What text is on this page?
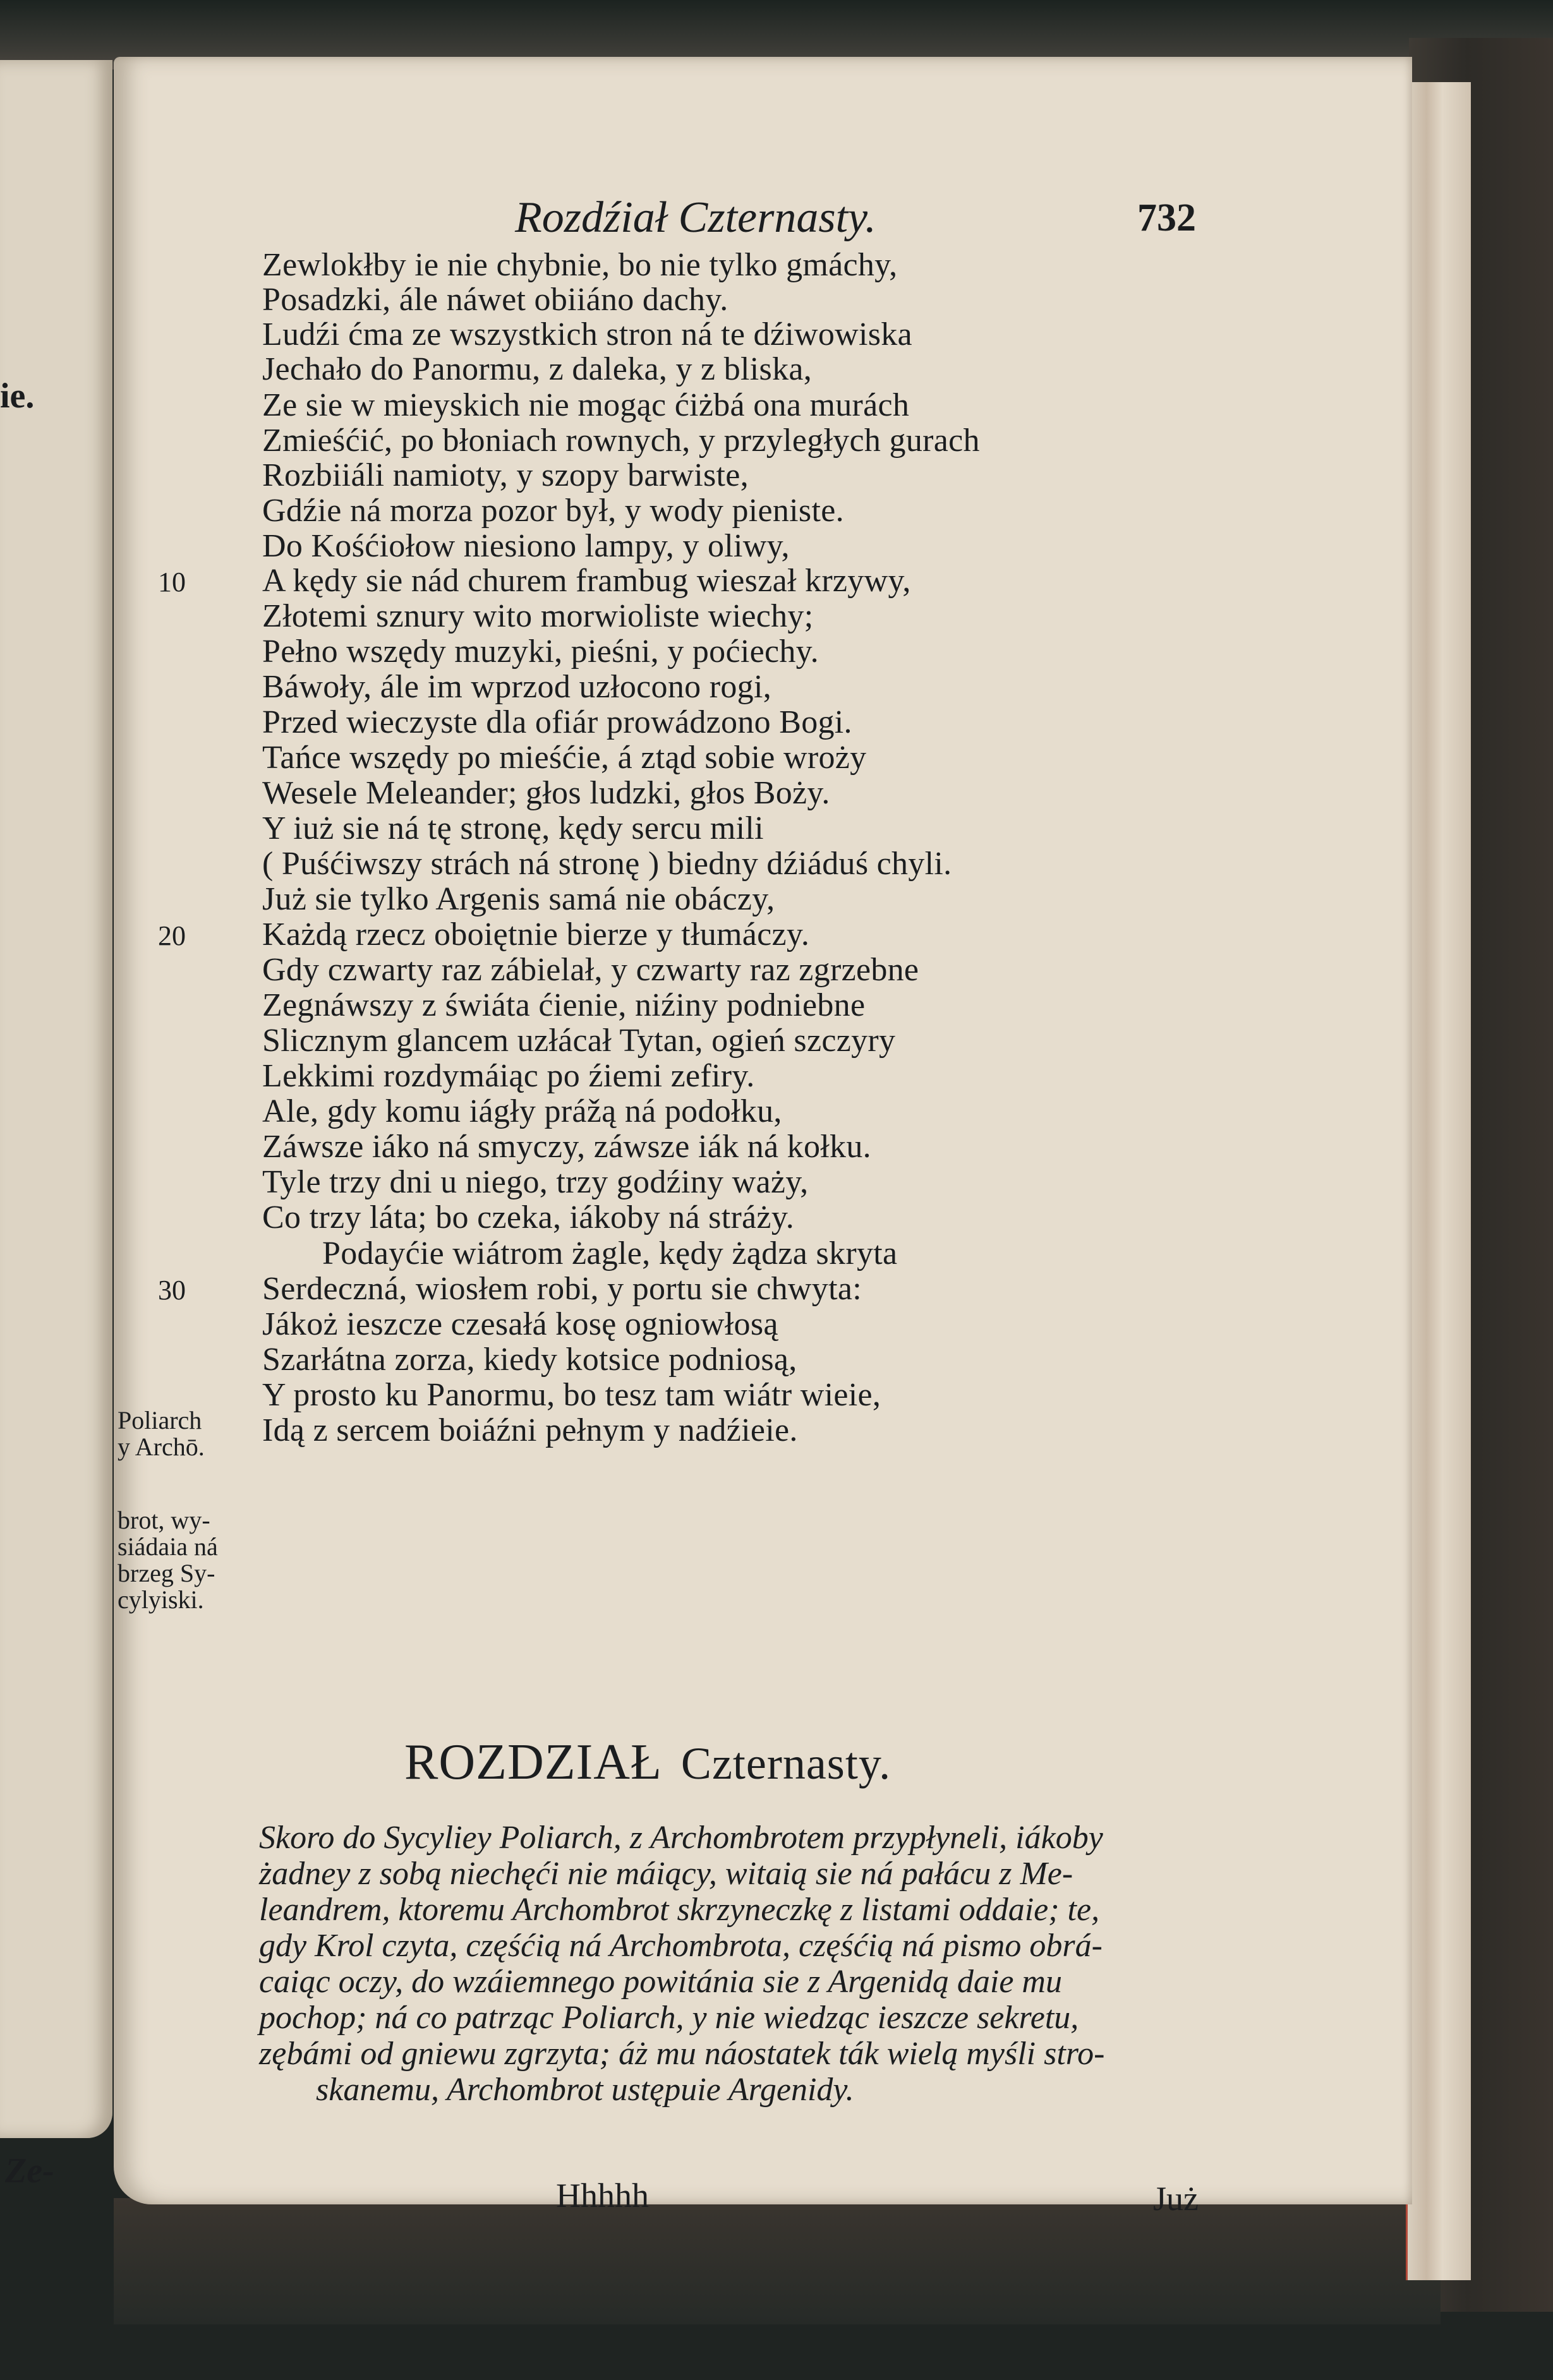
ie.
Ze-
Rozdźiał Czternasty.	732
Zewlokłby ie nie chybnie, bo nie tylko gmáchy,
Posadzki, ále náwet obiiáno dachy.
Ludźi ćma ze wszystkich stron ná te dźiwowiska
Jechało do Panormu, z daleka, y z bliska,
Ze sie w mieyskich nie mogąc ćiżbá ona murách
Zmieśćić, po błoniach rownych, y przyległych gurach
Rozbiiáli namioty, y szopy barwiste,
Gdźie ná morza pozor był, y wody pieniste.
Do Kośćiołow niesiono lampy, y oliwy,
A kędy sie nád churem frambug wieszał krzywy,
10
Złotemi sznury wito morwioliste wiechy;
Pełno wszędy muzyki, pieśni, y poćiechy.
Báwoły, ále im wprzod uzłocono rogi,
Przed wieczyste dla ofiár prowádzono Bogi.
Tańce wszędy po mieśćie, á ztąd sobie wroży
Wesele Meleander; głos ludzki, głos Boży.
Y iuż sie ná tę stronę, kędy sercu mili
( Puśćiwszy strách ná stronę ) biedny dźiáduś chyli.
Już sie tylko Argenis samá nie obáczy,
Każdą rzecz oboiętnie bierze y tłumáczy.
20
Gdy czwarty raz zábielał, y czwarty raz zgrzebne
Zegnáwszy z świáta ćienie, niźiny podniebne
Slicznym glancem uzłácał Tytan, ogień szczyry
Lekkimi rozdymáiąc po źiemi zefiry.
Ale, gdy komu iágły prážą ná podołku,
Záwsze iáko ná smyczy, záwsze iák ná kołku.
Tyle trzy dni u niego, trzy godźiny waży,
Co trzy láta; bo czeka, iákoby ná stráży.
Podayćie wiátrom żagle, kędy żądza skryta
Serdeczná, wiosłem robi, y portu sie chwyta:
30
Jákoż ieszcze czesałá kosę ogniowłosą
Szarłátna zorza, kiedy kotsice podniosą,
Y prosto ku Panormu, bo tesz tam wiátr wieie,
Idą z sercem boiáźni pełnym y nadźieie.
Poliarch
y Archō.
brot, wy-
siádaia ná
brzeg Sy-
cylyiski.
ROZDZIAŁ Czternasty.
Skoro do Sycyliey Poliarch, z Archombrotem przypłyneli, iákoby
żadney z sobą niechęći nie máiący, witaią sie ná pałácu z Me-
leandrem, ktoremu Archombrot skrzyneczkę z listami oddaie; te,
gdy Krol czyta, częśćią ná Archombrota, częśćią ná pismo obrá-
caiąc oczy, do wzáiemnego powitánia sie z Argenidą daie mu
pochop; ná co patrząc Poliarch, y nie wiedząc ieszcze sekretu,
zębámi od gniewu zgrzyta; áż mu náostatek ták wielą myśli stro-
skanemu, Archombrot ustępuie Argenidy.
Hhhhh	Już
